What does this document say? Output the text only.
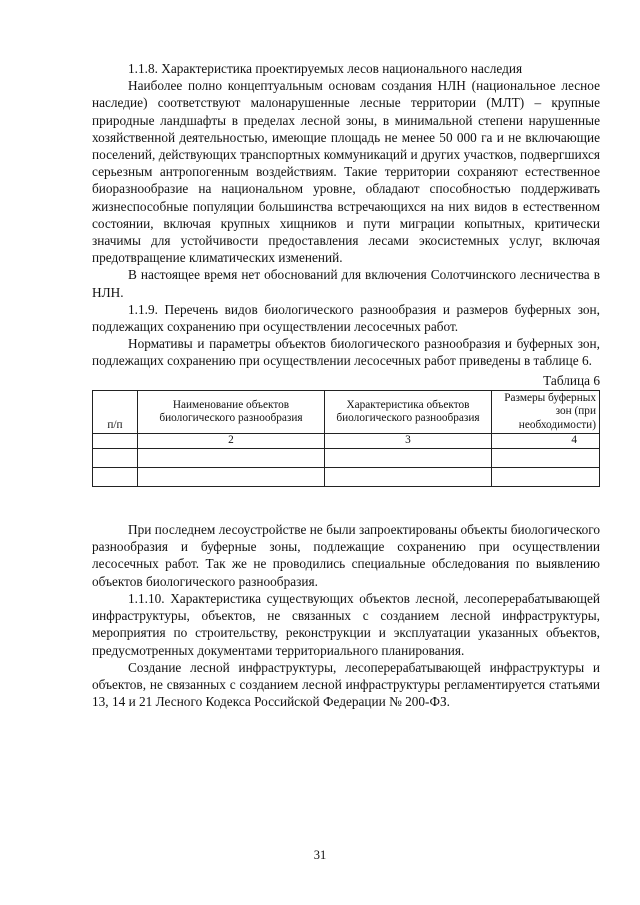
1.1.8. Характеристика проектируемых лесов национального наследия

Наиболее полно концептуальным основам создания НЛН (национальное лесное наследие) соответствуют малонарушенные лесные территории (МЛТ) – крупные природные ландшафты в пределах лесной зоны, в минимальной степени нарушенные хозяйственной деятельностью, имеющие площадь не менее 50 000 га и не включающие поселений, действующих транспортных коммуникаций и других участков, подвергшихся серьезным антропогенным воздействиям. Такие территории сохраняют естественное биоразнообразие на национальном уровне, обладают способностью поддерживать жизнеспособные популяции большинства встречающихся на них видов в естественном состоянии, включая крупных хищников и пути миграции копытных, критически значимы для устойчивости предоставления лесами экосистемных услуг, включая предотвращение климатических изменений.

В настоящее время нет обоснований для включения Солотчинского лесничества в НЛН.

1.1.9. Перечень видов биологического разнообразия и размеров буферных зон, подлежащих сохранению при осуществлении лесосечных работ.

Нормативы и параметры объектов биологического разнообразия и буферных зон, подлежащих сохранению при осуществлении лесосечных работ приведены в таблице 6.

Таблица 6
п/п	Наименование объектов биологического разнообразия	Характеристика объектов биологического разнообразия	Размеры буферных зон (при необходимости)
	2	3	4

При последнем лесоустройстве не были запроектированы объекты биологического разнообразия и буферные зоны, подлежащие сохранению при осуществлении лесосечных работ. Так же не проводились специальные обследования по выявлению объектов биологического разнообразия.

1.1.10. Характеристика существующих объектов лесной, лесоперерабатывающей инфраструктуры, объектов, не связанных с созданием лесной инфраструктуры, мероприятия по строительству, реконструкции и эксплуатации указанных объектов, предусмотренных документами территориального планирования.

Создание лесной инфраструктуры, лесоперерабатывающей инфраструктуры и объектов, не связанных с созданием лесной инфраструктуры регламентируется статьями 13, 14 и 21 Лесного Кодекса Российской Федерации № 200-ФЗ.

31
